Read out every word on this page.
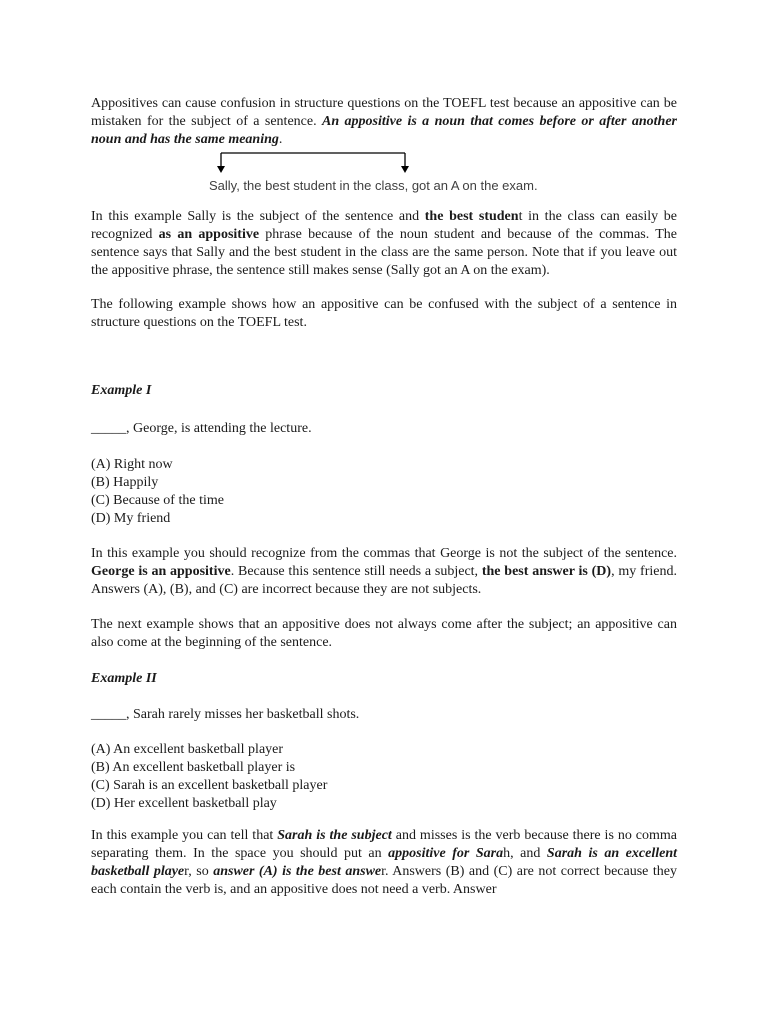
Appositives can cause confusion in structure questions on the TOEFL test because an appositive can be mistaken for the subject of a sentence. An appositive is a noun that comes before or after another noun and has the same meaning.

Sally, the best student in the class, got an A on the exam.

In this example Sally is the subject of the sentence and the best student in the class can easily be recognized as an appositive phrase because of the noun student and because of the commas. The sentence says that Sally and the best student in the class are the same person. Note that if you leave out the appositive phrase, the sentence still makes sense (Sally got an A on the exam).

The following example shows how an appositive can be confused with the subject of a sentence in structure questions on the TOEFL test.

Example I

_____, George, is attending the lecture.

(A) Right now
(B) Happily
(C) Because of the time
(D) My friend

In this example you should recognize from the commas that George is not the subject of the sentence. George is an appositive. Because this sentence still needs a subject, the best answer is (D), my friend. Answers (A), (B), and (C) are incorrect because they are not subjects.

The next example shows that an appositive does not always come after the subject; an appositive can also come at the beginning of the sentence.

Example II

_____, Sarah rarely misses her basketball shots.

(A) An excellent basketball player
(B) An excellent basketball player is
(C) Sarah is an excellent basketball player
(D) Her excellent basketball play

In this example you can tell that Sarah is the subject and misses is the verb because there is no comma separating them. In the space you should put an appositive for Sarah, and Sarah is an excellent basketball player, so answer (A) is the best answer. Answers (B) and (C) are not correct because they each contain the verb is, and an appositive does not need a verb. Answer
